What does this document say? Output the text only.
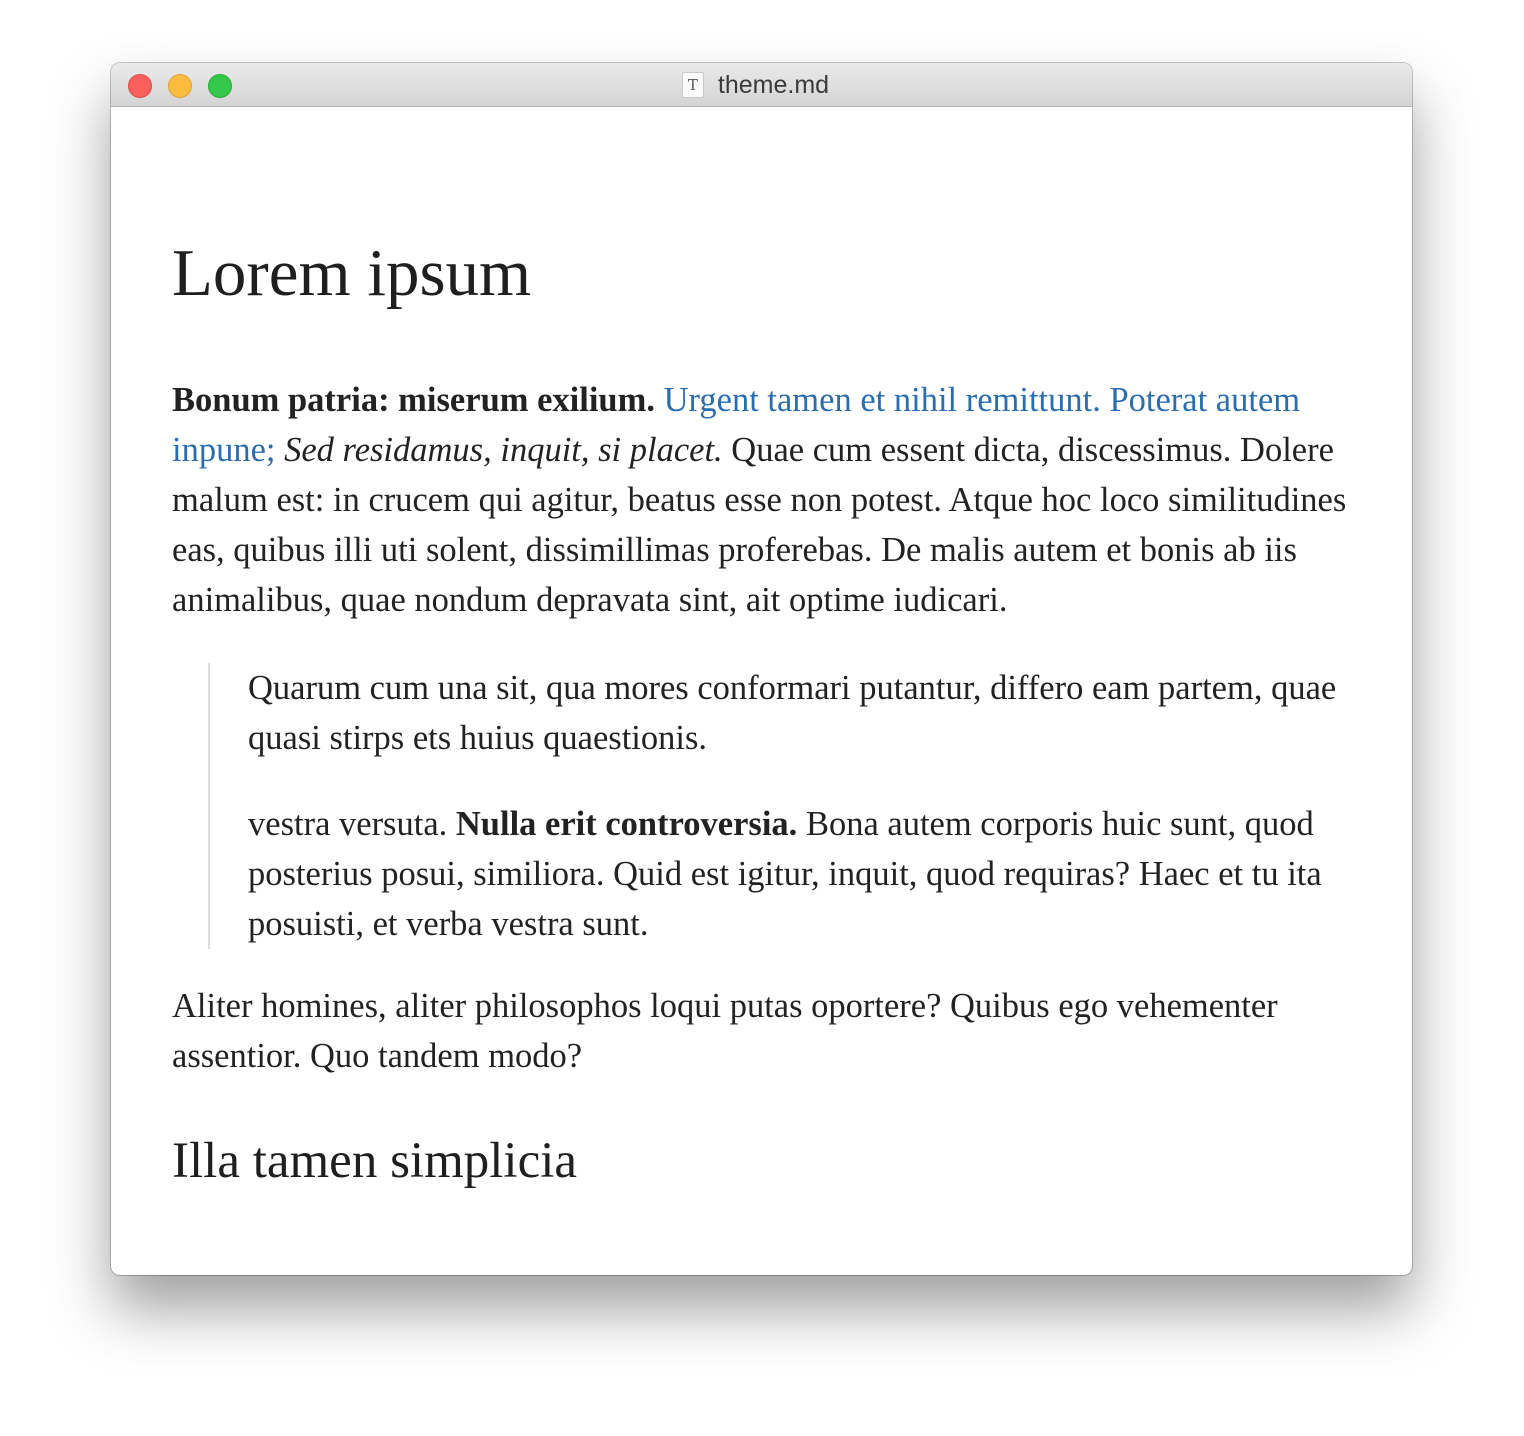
T theme.md
Lorem ipsum

Bonum patria: miserum exilium. Urgent tamen et nihil remittunt. Poterat autem inpune; Sed residamus, inquit, si placet. Quae cum essent dicta, discessimus. Dolere malum est: in crucem qui agitur, beatus esse non potest. Atque hoc loco similitudines eas, quibus illi uti solent, dissimillimas proferebas. De malis autem et bonis ab iis animalibus, quae nondum depravata sint, ait optime iudicari.

Quarum cum una sit, qua mores conformari putantur, differo eam partem, quae quasi stirps ets huius quaestionis.

vestra versuta. Nulla erit controversia. Bona autem corporis huic sunt, quod posterius posui, similiora. Quid est igitur, inquit, quod requiras? Haec et tu ita posuisti, et verba vestra sunt.

Aliter homines, aliter philosophos loqui putas oportere? Quibus ego vehementer assentior. Quo tandem modo?

Illa tamen simplicia
